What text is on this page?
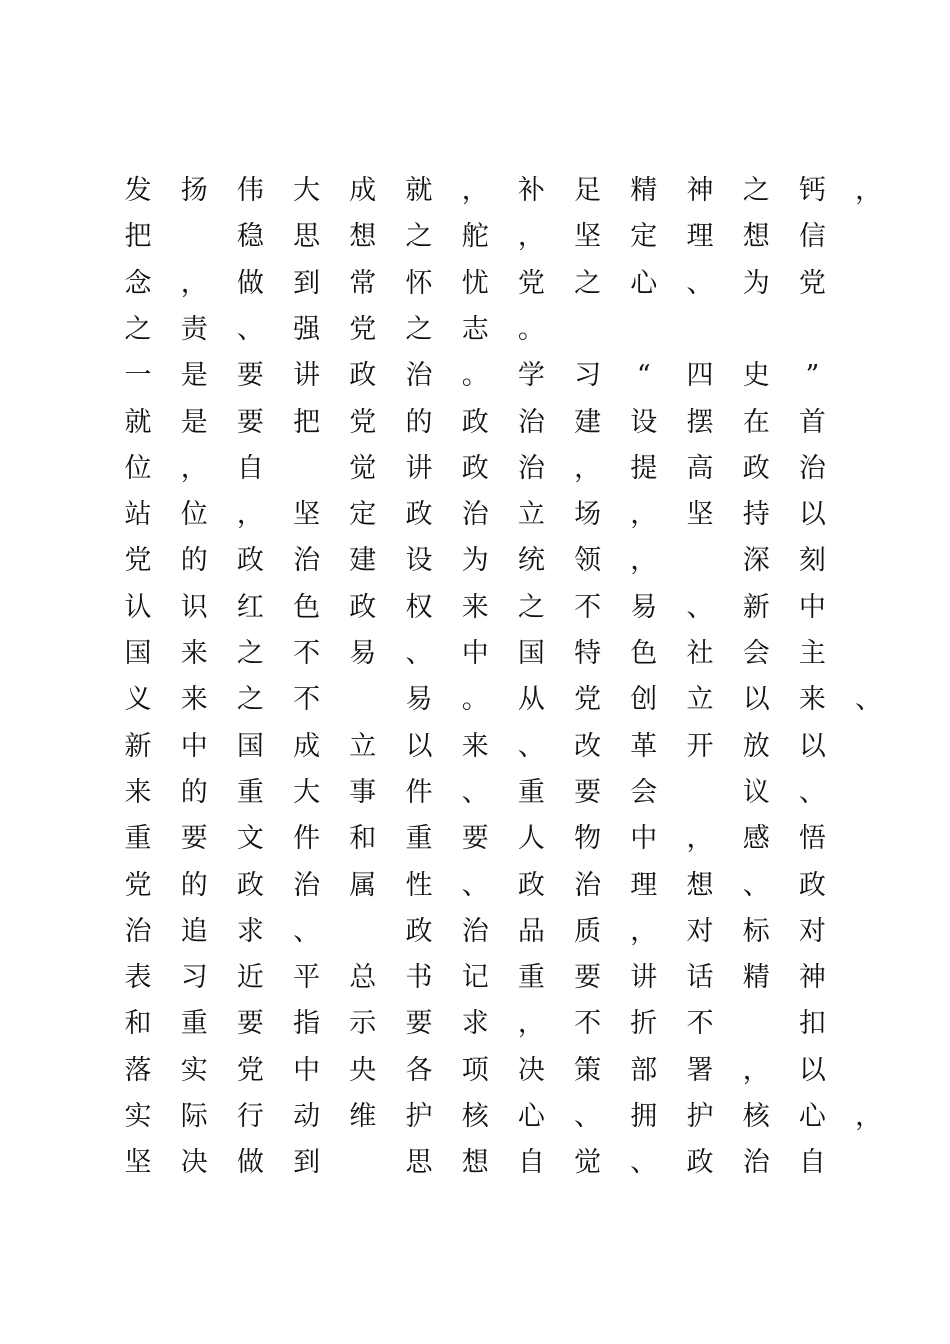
发 扬 伟 大 成 就 ， 补 足 精 神 之 钙 ，
把	稳 思 想 之 舵 ， 坚 定 理 想 信
念 ， 做 到 常 怀 忧 党 之 心 、 为 党
之 责 、 强 党 之 志 。
一 是 要 讲 政 治 。 学 习 “ 四 史 ”
就 是 要 把 党 的 政 治 建 设 摆 在 首
位 ， 自	觉 讲 政 治 ， 提 高 政 治
站 位 ， 坚 定 政 治 立 场 ， 坚 持 以
党 的 政 治 建 设 为 统 领 ，	深 刻
认 识 红 色 政 权 来 之 不 易 、 新 中
国 来 之 不 易 、 中 国 特 色 社 会 主
义 来 之 不	易 。 从 党 创 立 以 来 、
新 中 国 成 立 以 来 、 改 革 开 放 以
来 的 重 大 事 件 、 重 要 会	议 、
重 要 文 件 和 重 要 人 物 中 ， 感 悟
党 的 政 治 属 性 、 政 治 理 想 、 政
治 追 求 、	政 治 品 质 ， 对 标 对
表 习 近 平 总 书 记 重 要 讲 话 精 神
和 重 要 指 示 要 求 ， 不 折 不	扣
落 实 党 中 央 各 项 决 策 部 署 ， 以
实 际 行 动 维 护 核 心 、 拥 护 核 心 ，
坚 决 做 到	思 想 自 觉 、 政 治 自
